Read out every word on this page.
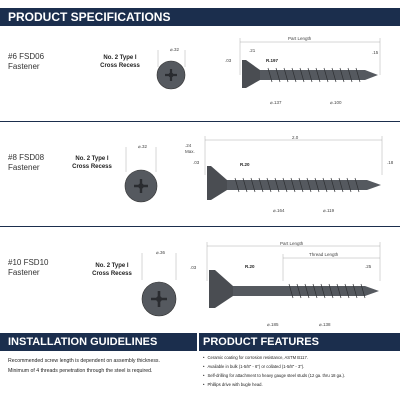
PRODUCT SPECIFICATIONS
#6 FSD06
Fastener
No. 2 Type I
Cross Recess
⌀.32
Part Length
.21
.03
.15
R.197
⌀.137	⌀.100
#8 FSD08
Fastener
No. 2 Type I
Cross Recess
⌀.32
2.0
.24
Max.
.03	.18
R.20
⌀.164	⌀.119
#10 FSD10
Fastener
No. 2 Type I
Cross Recess
⌀.36
Part Length
Thread Length
.03	.25
R.20
⌀.185	⌀.138
INSTALLATION GUIDELINES	PRODUCT FEATURES

Recommended screw length is dependent on assembly thickness.

Minimum of 4 threads penetration through the steel is required.

• Ceramic coating for corrosion resistance, ASTM B117.
• Available in bulk (1-5/8" - 6") or collated (1-5/8" - 3").
• Self-drilling for attachment to heavy gauge steel studs (12 ga. thru 18 ga.).
• Phillips drive with bugle head.
